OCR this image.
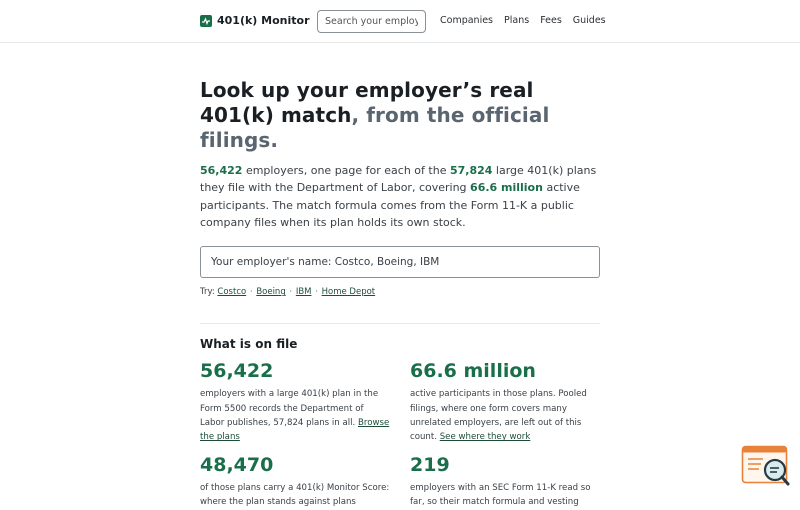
401(k) Monitor
Search your employer	Companies Plans Fees Guides
Look up your employer’s real 401(k) match, from the official filings.

56,422 employers, one page for each of the 57,824 large 401(k) plans they file with the Department of Labor, covering 66.6 million active participants. The match formula comes from the Form 11-K a public company files when its plan holds its own stock.

Your employer's name: Costco, Boeing, IBM
Try: Costco · Boeing · IBM · Home Depot
What is on file
56,422

employers with a large 401(k) plan in the Form 5500 records the Department of Labor publishes, 57,824 plans in all. Browse the plans

66.6 million

active participants in those plans. Pooled filings, where one form covers many unrelated employers, are left out of this count. See where they work

48,470

of those plans carry a 401(k) Monitor Score: where the plan stands against plans

219

employers with an SEC Form 11-K read so far, so their match formula and vesting
